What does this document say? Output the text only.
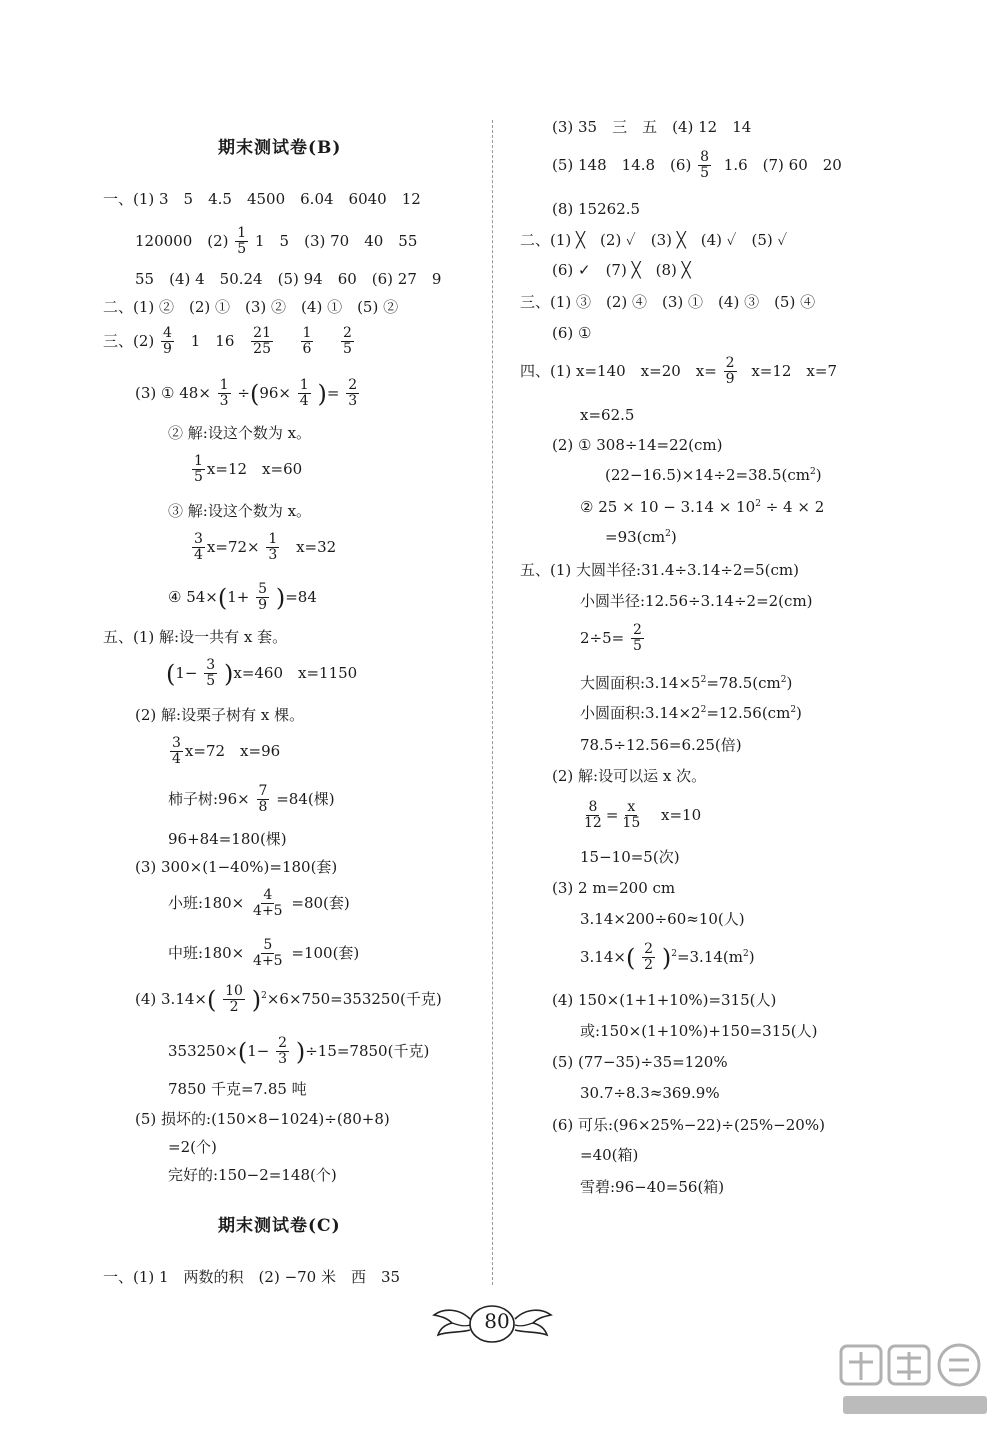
期末测试卷(B)
一、(1) 3　5　4.5　4500　6.04　6040　12
120000　$(2) \frac{1}{5} 1$　5　(3) 70　40　55
55　(4) 4　50.24　(5) 94　60　(6) 27　9
二、(1) ②　(2) ①　(3) ②　(4) ①　(5) ②
三、$(2) \frac{4}{9} 1$　$16 \frac{21}{25}$
$\frac{1}{6}$
$\frac{2}{5}$
(3) ① $48\times \frac{1}{3} \div(96\times \frac{1}{4}$ )= $\frac{2}{3}$
② 解:设这个数为 x。
$\frac{1}{5} x=12$　x=60
③ 解:设这个数为 x。
$\frac{3}{4} x=72\times \frac{1}{3} x=32$
④ $54\times(1+ \frac{5}{9} )=84$
五、(1) 解:设一共有 x 套。
$(1- \frac{3}{5} )x=460$　x=1150
(2) 解:设栗子树有 x 棵。
$\frac{3}{4} x=72$　x=96
柿子树:96× $\frac{7}{8} =84$(棵)
96+84=180(棵)
(3) 300×(1−40%)=180(套)
小班:180× $\frac{4}{4+5} =80$(套)
中班:180× $\frac{5}{4+5} =100$(套)
(4) $3.14\times( \frac{10}{2} )^2\times 6\times 750=353250$(千克)
$353250\times(1- \frac{2}{3} )\div 15=7850$(千克)
7850 千克=7.85 吨
(5) 损坏的:(150×8−1024)÷(80+8)
=2(个)
完好的:150−2=148(个)
期末测试卷(C)
一、(1) 1　两数的积　(2) −70 米　西　35
(3) 35　三　五　(4) 12　14
(5) 148　14.8　$(6) \frac{8}{5} 1.6$　(7) 60　20
(8) 15262.5
二、(1) ╳　(2) ✓　(3) ╳　(4) ✓　(5) ✓
(6) ✓　(7) ╳　(8) ╳
三、(1) ③　(2) ④　(3) ①　(4) ③　(5) ④
(6) ①
四、(1) x=140　x=20　$x= \frac{2}{9} x=12$　x=7
x=62.5
(2) ① 308÷14=22(cm)
$(22-16.5)\times 14\div 2=38.5(cm^2)$
② $25 \times 10 - 3.14 \times 10^2 \div 4 \times 2$
$=93(cm^2)$
五、(1) 大圆半径:31.4÷3.14÷2=5(cm)
小圆半径:12.56÷3.14÷2=2(cm)
$2\div 5= \frac{2}{5}$
大圆面积$:3.14\times 5^2=78.5(cm^2)$
小圆面积$:3.14\times 2^2=12.56(cm^2)$
78.5÷12.56=6.25(倍)
(2) 解:设可以运 x 次。
$\frac{8}{12} = \frac{x}{15} x=10$
15−10=5(次)
(3) 2 m=200 cm
3.14×200÷60≈10(人)
$3.14\times( \frac{2}{2} )^2=3.14(m^2)$
(4) 150×(1+1+10%)=315(人)
或:150×(1+10%)+150=315(人)
(5) (77−35)÷35=120%
30.7÷8.3≈369.9%
(6) 可乐:(96×25%−22)÷(25%−20%)
=40(箱)
雪碧:96−40=56(箱)
80
